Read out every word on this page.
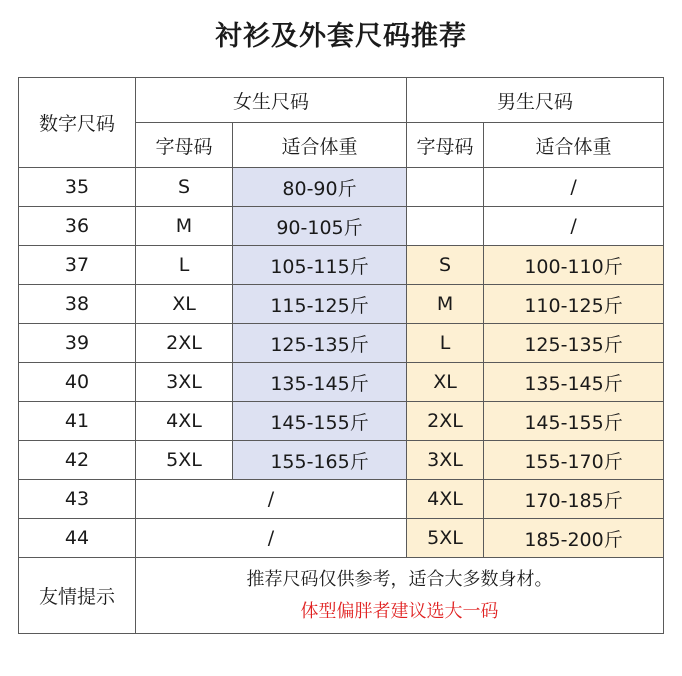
衬衫及外套尺码推荐
数字尺码	女生尺码		男生尺码	
	字母码	适合体重	字母码	适合体重
35	S	80-90斤		/
36	M	90-105斤		/
37	L	105-115斤	S	100-110斤
38	XL	115-125斤	M	110-125斤
39	2XL	125-135斤	L	125-135斤
40	3XL	135-145斤	XL	135-145斤
41	4XL	145-155斤	2XL	145-155斤
42	5XL	155-165斤	3XL	155-170斤
43	/		4XL	170-185斤
44	/		5XL	185-200斤
友情提示	推荐尺码仅供参考，适合大多数身材。
体型偏胖者建议选大一码			
